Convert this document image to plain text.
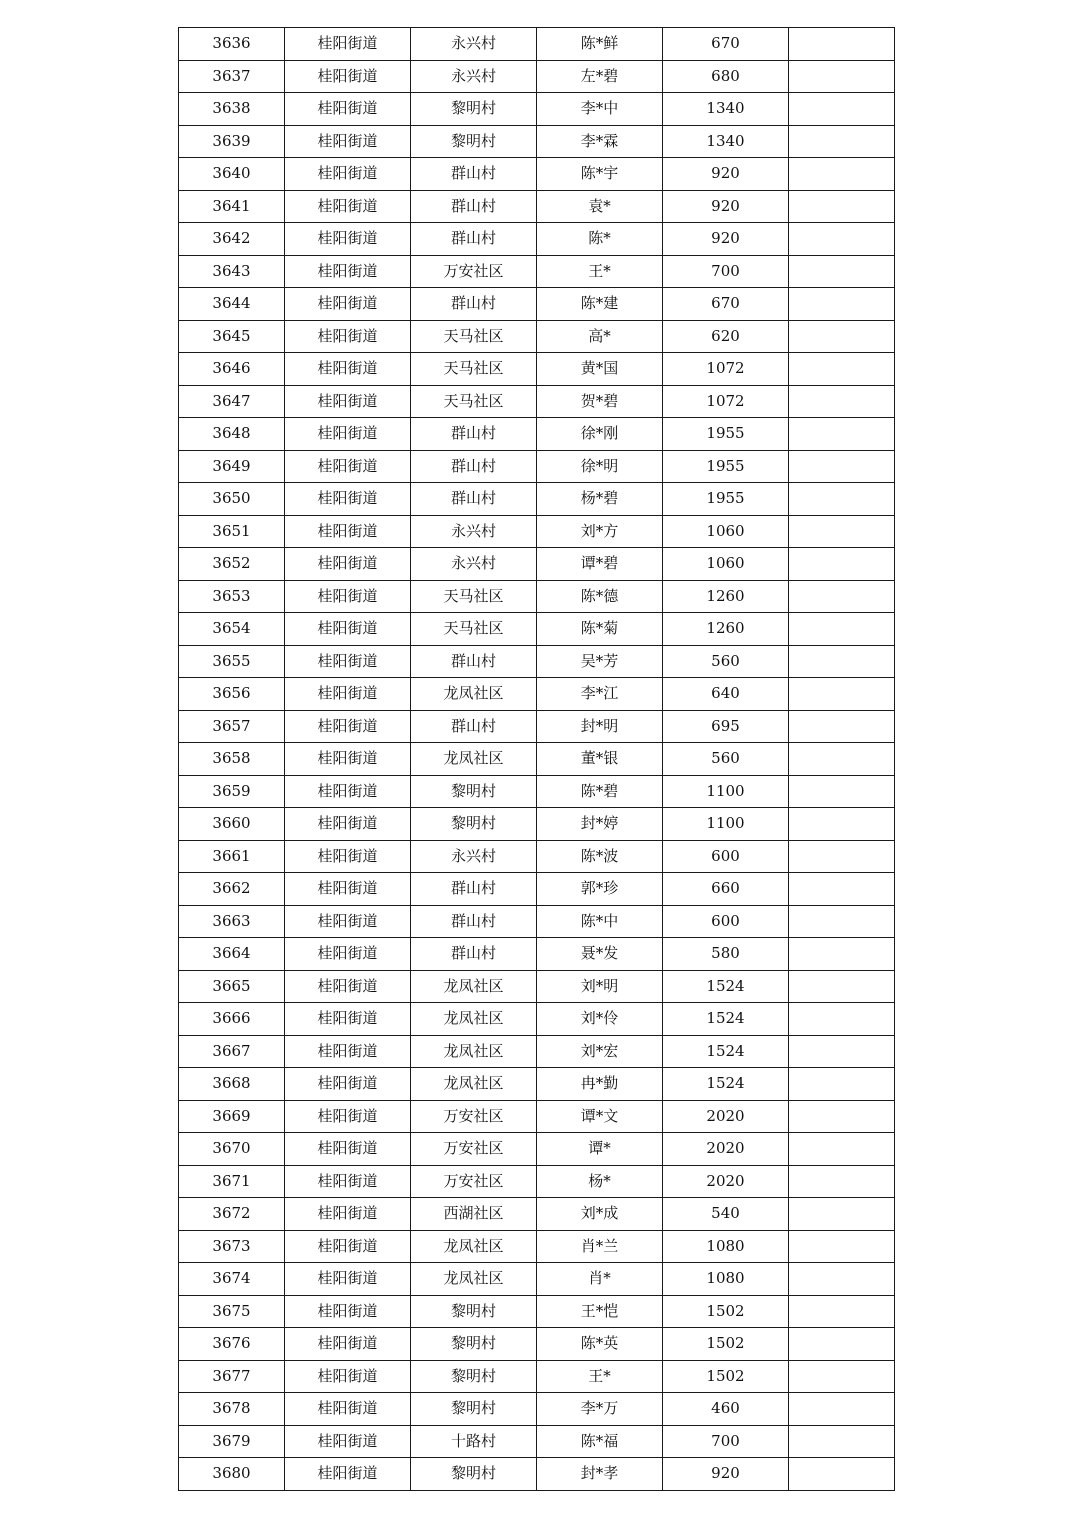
3636	桂阳街道	永兴村	陈*鲜	670	
3637	桂阳街道	永兴村	左*碧	680	
3638	桂阳街道	黎明村	李*中	1340	
3639	桂阳街道	黎明村	李*霖	1340	
3640	桂阳街道	群山村	陈*宇	920	
3641	桂阳街道	群山村	袁*	920	
3642	桂阳街道	群山村	陈*	920	
3643	桂阳街道	万安社区	王*	700	
3644	桂阳街道	群山村	陈*建	670	
3645	桂阳街道	天马社区	高*	620	
3646	桂阳街道	天马社区	黄*国	1072	
3647	桂阳街道	天马社区	贺*碧	1072	
3648	桂阳街道	群山村	徐*刚	1955	
3649	桂阳街道	群山村	徐*明	1955	
3650	桂阳街道	群山村	杨*碧	1955	
3651	桂阳街道	永兴村	刘*方	1060	
3652	桂阳街道	永兴村	谭*碧	1060	
3653	桂阳街道	天马社区	陈*德	1260	
3654	桂阳街道	天马社区	陈*菊	1260	
3655	桂阳街道	群山村	吴*芳	560	
3656	桂阳街道	龙凤社区	李*江	640	
3657	桂阳街道	群山村	封*明	695	
3658	桂阳街道	龙凤社区	董*银	560	
3659	桂阳街道	黎明村	陈*碧	1100	
3660	桂阳街道	黎明村	封*婷	1100	
3661	桂阳街道	永兴村	陈*波	600	
3662	桂阳街道	群山村	郭*珍	660	
3663	桂阳街道	群山村	陈*中	600	
3664	桂阳街道	群山村	聂*发	580	
3665	桂阳街道	龙凤社区	刘*明	1524	
3666	桂阳街道	龙凤社区	刘*伶	1524	
3667	桂阳街道	龙凤社区	刘*宏	1524	
3668	桂阳街道	龙凤社区	冉*勤	1524	
3669	桂阳街道	万安社区	谭*文	2020	
3670	桂阳街道	万安社区	谭*	2020	
3671	桂阳街道	万安社区	杨*	2020	
3672	桂阳街道	西湖社区	刘*成	540	
3673	桂阳街道	龙凤社区	肖*兰	1080	
3674	桂阳街道	龙凤社区	肖*	1080	
3675	桂阳街道	黎明村	王*恺	1502	
3676	桂阳街道	黎明村	陈*英	1502	
3677	桂阳街道	黎明村	王*	1502	
3678	桂阳街道	黎明村	李*万	460	
3679	桂阳街道	十路村	陈*福	700	
3680	桂阳街道	黎明村	封*孝	920	
